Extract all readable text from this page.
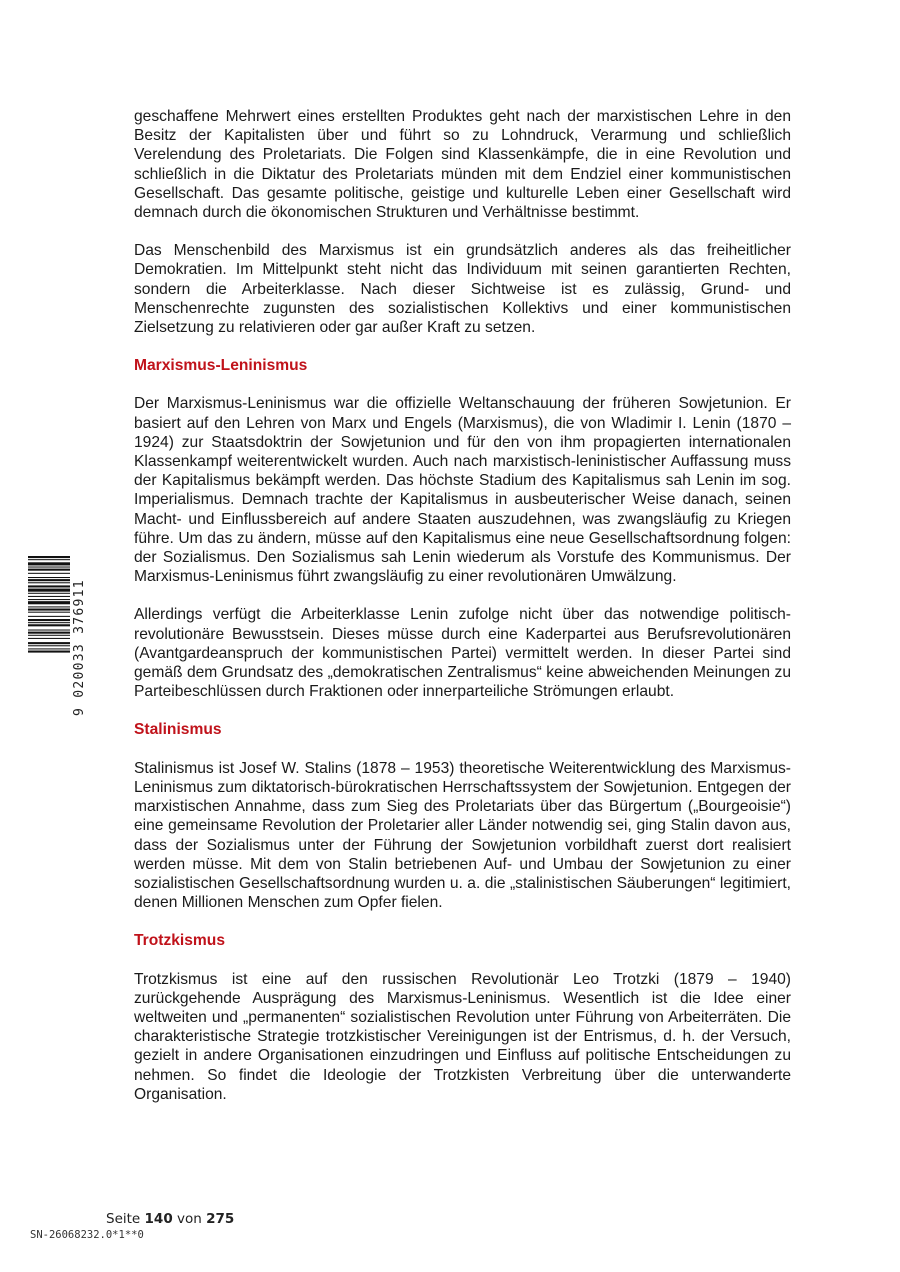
geschaffene Mehrwert eines erstellten Produktes geht nach der marxistischen Lehre in den Besitz der Kapitalisten über und führt so zu Lohndruck, Verarmung und schließlich Verelendung des Proletariats. Die Folgen sind Klassenkämpfe, die in eine Revolution und schließlich in die Diktatur des Proletariats münden mit dem Endziel einer kommunistischen Gesellschaft. Das gesamte politische, geistige und kulturelle Leben einer Gesellschaft wird demnach durch die ökonomischen Strukturen und Verhältnisse bestimmt.

Das Menschenbild des Marxismus ist ein grundsätzlich anderes als das freiheitlicher Demokratien. Im Mittelpunkt steht nicht das Individuum mit seinen garantierten Rechten, sondern die Arbeiterklasse. Nach dieser Sichtweise ist es zulässig, Grund- und Menschenrechte zugunsten des sozialistischen Kollektivs und einer kommunistischen Zielsetzung zu relativieren oder gar außer Kraft zu setzen.

Marxismus-Leninismus

Der Marxismus-Leninismus war die offizielle Weltanschauung der früheren Sowjetunion. Er basiert auf den Lehren von Marx und Engels (Marxismus), die von Wladimir I. Lenin (1870 – 1924) zur Staatsdoktrin der Sowjetunion und für den von ihm propagierten internationalen Klassenkampf weiterentwickelt wurden. Auch nach marxistisch-leninistischer Auffassung muss der Kapitalismus bekämpft werden. Das höchste Stadium des Kapitalismus sah Lenin im sog. Imperialismus. Demnach trachte der Kapitalismus in ausbeuterischer Weise danach, seinen Macht- und Einflussbereich auf andere Staaten auszudehnen, was zwangsläufig zu Kriegen führe. Um das zu ändern, müsse auf den Kapitalismus eine neue Gesellschaftsordnung folgen: der Sozialismus. Den Sozialismus sah Lenin wiederum als Vorstufe des Kommunismus. Der Marxismus-Leninismus führt zwangsläufig zu einer revolutionären Umwälzung.

Allerdings verfügt die Arbeiterklasse Lenin zufolge nicht über das notwendige politisch-revolutionäre Bewusstsein. Dieses müsse durch eine Kaderpartei aus Berufsrevolutionären (Avantgardeanspruch der kommunistischen Partei) vermittelt werden. In dieser Partei sind gemäß dem Grundsatz des „demokratischen Zentralismus“ keine abweichenden Meinungen zu Parteibeschlüssen durch Fraktionen oder innerparteiliche Strömungen erlaubt.

Stalinismus

Stalinismus ist Josef W. Stalins (1878 – 1953) theoretische Weiterentwicklung des Marxismus-Leninismus zum diktatorisch-bürokratischen Herrschaftssystem der Sowjetunion. Entgegen der marxistischen Annahme, dass zum Sieg des Proletariats über das Bürgertum („Bourgeoisie“) eine gemeinsame Revolution der Proletarier aller Länder notwendig sei, ging Stalin davon aus, dass der Sozialismus unter der Führung der Sowjetunion vorbildhaft zuerst dort realisiert werden müsse. Mit dem von Stalin betriebenen Auf- und Umbau der Sowjetunion zu einer sozialistischen Gesellschaftsordnung wurden u. a. die „stalinistischen Säuberungen“ legitimiert, denen Millionen Menschen zum Opfer fielen.

Trotzkismus

Trotzkismus ist eine auf den russischen Revolutionär Leo Trotzki (1879 – 1940) zurückgehende Ausprägung des Marxismus-Leninismus. Wesentlich ist die Idee einer weltweiten und „permanenten“ sozialistischen Revolution unter Führung von Arbeiterräten. Die charakteristische Strategie trotzkistischer Vereinigungen ist der Entrismus, d. h. der Versuch, gezielt in andere Organisationen einzudringen und Einfluss auf politische Entscheidungen zu nehmen. So findet die Ideologie der Trotzkisten Verbreitung über die unterwanderte Organisation.

9 020033 376911
Seite 140 von 275
SN-26068232.0*1**0
